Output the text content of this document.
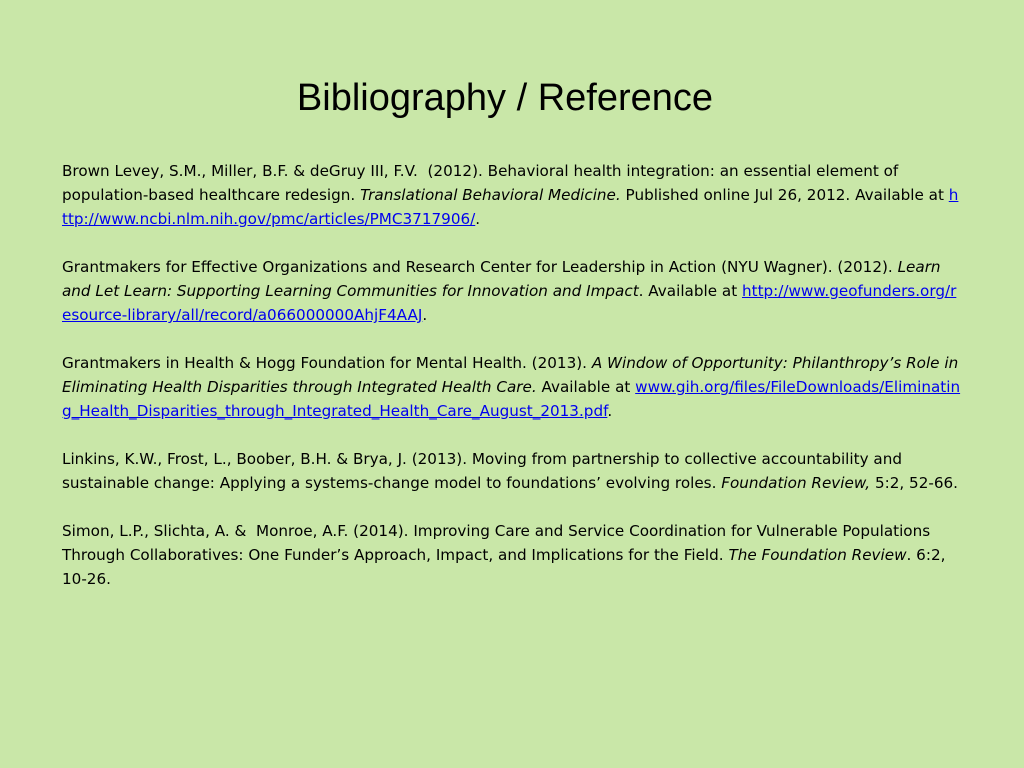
Bibliography / Reference

Brown Levey, S.M., Miller, B.F. & deGruy III, F.V.  (2012). Behavioral health integration: an essential element of population-based healthcare redesign. Translational Behavioral Medicine. Published online Jul 26, 2012. Available at http://www.ncbi.nlm.nih.gov/pmc/articles/PMC3717906/.

Grantmakers for Effective Organizations and Research Center for Leadership in Action (NYU Wagner). (2012). Learn and Let Learn: Supporting Learning Communities for Innovation and Impact. Available at http://www.geofunders.org/resource-library/all/record/a066000000AhjF4AAJ.

Grantmakers in Health & Hogg Foundation for Mental Health. (2013). A Window of Opportunity: Philanthropy’s Role in Eliminating Health Disparities through Integrated Health Care. Available at www.gih.org/files/FileDownloads/Eliminating_Health_Disparities_through_Integrated_Health_Care_August_2013.pdf.

Linkins, K.W., Frost, L., Boober, B.H. & Brya, J. (2013). Moving from partnership to collective accountability and sustainable change: Applying a systems-change model to foundations’ evolving roles. Foundation Review, 5:2, 52-66.

Simon, L.P., Slichta, A. &  Monroe, A.F. (2014). Improving Care and Service Coordination for Vulnerable Populations Through Collaboratives: One Funder’s Approach, Impact, and Implications for the Field. The Foundation Review. 6:2, 10-26.
